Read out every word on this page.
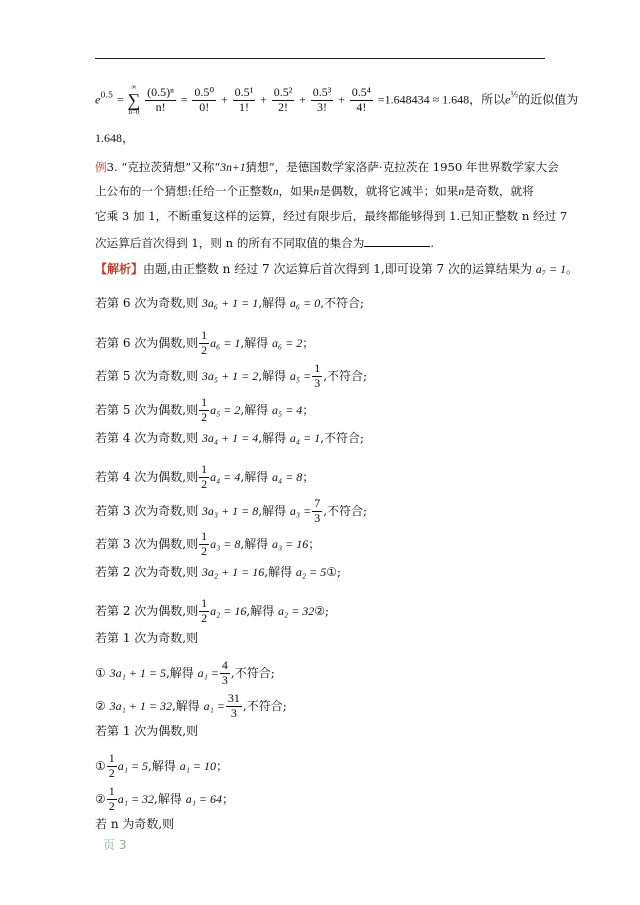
$e^{0.5}$ =
∞
∑
n=0
$\frac{\text{(0.5)ⁿ}}{n!} = \frac{\text{0.5⁰}}{0!} + \frac{\text{0.5¹}}{1!} + \frac{\text{0.5²}}{2!} + \frac{\text{0.5³}}{3!} + \frac{\text{0.5⁴}}{4!} =1.648434 \approx 1.648$，所以$e^{\frac{1}{2}}$的近似值为
1.648，
例3. “克拉茨猜想”又称“3n+1猜想”，是德国数学家洛萨·克拉茨在 1950 年世界数学家大会
上公布的一个猜想:任给一个正整数n，如果n是偶数，就将它减半；如果n是奇数，就将
它乘 3 加 1，不断重复这样的运算，经过有限步后，最终都能够得到 1.已知正整数 n 经过 7
次运算后首次得到 1，则 n 的所有不同取值的集合为	.
【解析】由题,由正整数 n 经过 7 次运算后首次得到 1,即可设第 7 次的运算结果为 a₇ = 1。
若第 6 次为奇数,则 3a₆ + 1 = 1,解得 a₆ = 0,不符合;
若第 6 次为偶数,则 $\frac{1}{2} a_6 = 1$,解得 a₆ = 2；
若第 5 次为奇数,则 3a₅ + 1 = 2,解得 $a_5 = \frac{1}{3}$ ,不符合;
若第 5 次为偶数,则 $\frac{1}{2} a_5 = 2$,解得 a₅ = 4；
若第 4 次为奇数,则 3a₄ + 1 = 4,解得 a₄ = 1,不符合;
若第 4 次为偶数,则 $\frac{1}{2} a_4 = 4$,解得 a₄ = 8；
若第 3 次为奇数,则 3a₃ + 1 = 8,解得 $a_3 = \frac{7}{3}$ ,不符合;
若第 3 次为偶数,则 $\frac{1}{2} a_3 = 8$,解得 a₃ = 16；
若第 2 次为奇数,则 3a₂ + 1 = 16,解得 a₂ = 5①;
若第 2 次为偶数,则 $\frac{1}{2} a_2 = 16$,解得 a₂ = 32②;
若第 1 次为奇数,则
① 3a₁ + 1 = 5,解得 $a_1 = \frac{4}{3}$ ,不符合;
② 3a₁ + 1 = 32,解得 $a_1 = \frac{31}{3}$ ,不符合;
若第 1 次为偶数,则
① $\frac{1}{2} a_1 = 5$,解得 a₁ = 10；
② $\frac{1}{2} a_1 = 32$,解得 a₁ = 64；
若 n 为奇数,则
页 3
